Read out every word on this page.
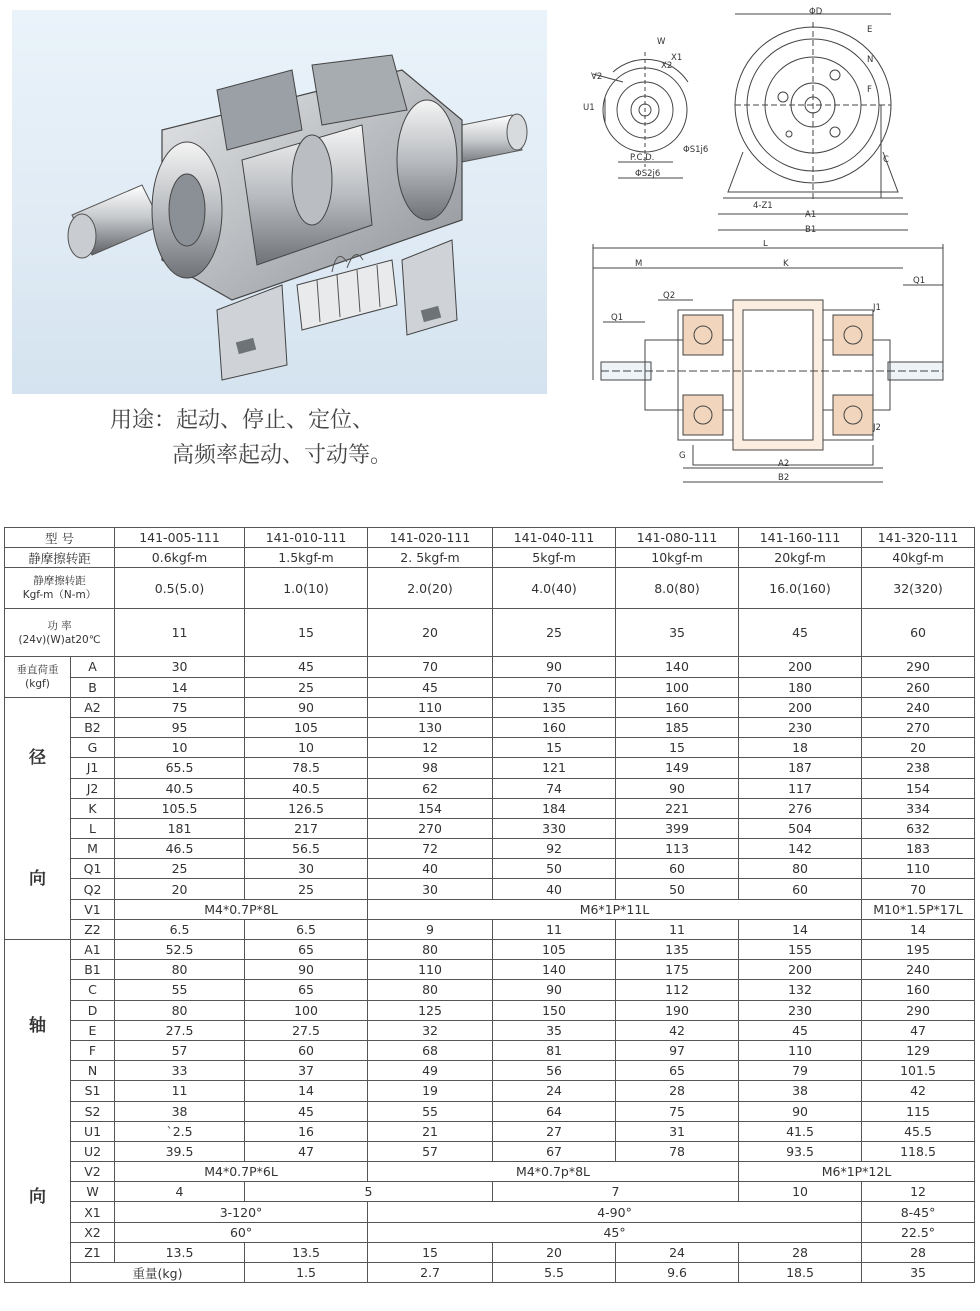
用途：起动、停止、定位、
高频率起动、寸动等。
ΦD
W
X1
X2
V2
U1
ΦS1j6
P.C.D.
ΦS2j6
C
4-Z1
A1
B1
E
N
F
L
M	K
Q1
Q2
Q1
J1
J2
G
A2
B2
型 号		141-005-111	141-010-111	141-020-111	141-040-111	141-080-111	141-160-111	141-320-111	
静摩擦转距		0.6kgf-m	1.5kgf-m	2. 5kgf-m	5kgf-m	10kgf-m	20kgf-m	40kgf-m	

静摩擦转距
Kgf-m（N-m）		0.5(5.0)	1.0(10)	2.0(20)	4.0(40)	8.0(80)	16.0(160)	32(320)	

功 率
(24v)(W)at20℃		11	15	20	25	35	45	60	

垂直荷重
(kgf)	A	30	45	70	90	140	200	290	
	B	14	25	45	70	100	180	260	

径
向	A2	75	90	110	135	160	200	240	
	B2	95	105	130	160	185	230	270	
	G	10	10	12	15	15	18	20	
	J1	65.5	78.5	98	121	149	187	238	
	J2	40.5	40.5	62	74	90	117	154	
	K	105.5	126.5	154	184	221	276	334	
	L	181	217	270	330	399	504	632	
	M	46.5	56.5	72	92	113	142	183	
	Q1	25	30	40	50	60	80	110	
	Q2	20	25	30	40	50	60	70	
	V1	M4*0.7P*8L		M6*1P*11L				M10*1.5P*17L	
	Z2	6.5	6.5	9	11	11	14	14	

轴
向	A1	52.5	65	80	105	135	155	195	
	B1	80	90	110	140	175	200	240	
	C	55	65	80	90	112	132	160	
	D	80	100	125	150	190	230	290	
	E	27.5	27.5	32	35	42	45	47	
	F	57	60	68	81	97	110	129	
	N	33	37	49	56	65	79	101.5	
	S1	11	14	19	24	28	38	42	
	S2	38	45	55	64	75	90	115	
	U1	`2.5	16	21	27	31	41.5	45.5	
	U2	39.5	47	57	67	78	93.5	118.5	
	V2	M4*0.7P*6L		M4*0.7p*8L			M6*1P*12L		
	W	4	5		7		10	12	
	X1	3-120°		4-90°				8-45°	
	X2	60°		45°				22.5°	
	Z1	13.5	13.5	15	20	24	28	28	
	重量(kg)		1.5	2.7	5.5	9.6	18.5	35	
